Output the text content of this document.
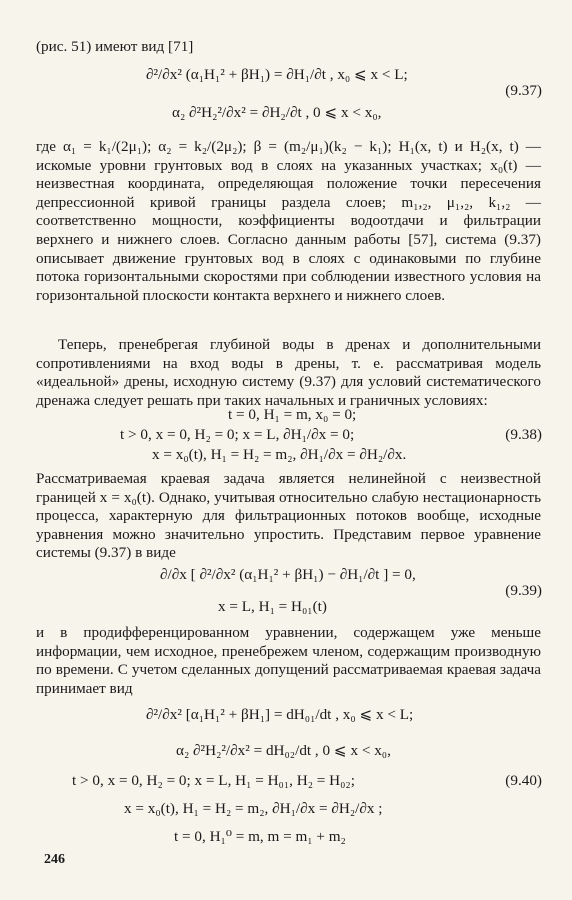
(рис. 51) имеют вид [71]
∂²/∂x² (α₁H₁² + βH₁) = ∂H₁/∂t , x₀ ⩽ x < L;
α₂ ∂²H₂²/∂x² = ∂H₂/∂t , 0 ⩽ x < x₀,
(9.37)
где α₁ = k₁/(2μ₁); α₂ = k₂/(2μ₂); β = (m₂/μ₁)(k₂ − k₁); H₁(x, t) и H₂(x, t) — искомые уровни грунтовых вод в слоях на указанных участках; x₀(t) — неизвестная координата, определяющая положение точки пересечения депрессионной кривой границы раздела слоев; m₁,₂, μ₁,₂, k₁,₂ — соответственно мощности, коэффициенты водоотдачи и фильтрации верхнего и нижнего слоев. Согласно данным работы [57], система (9.37) описывает движение грунтовых вод в слоях с одинаковыми по глубине потока горизонтальными скоростями при соблюдении известного условия на горизонтальной плоскости контакта верхнего и нижнего слоев.
Теперь, пренебрегая глубиной воды в дренах и дополнительными сопротивлениями на вход воды в дрены, т. е. рассматривая модель «идеальной» дрены, исходную систему (9.37) для условий систематического дренажа следует решать при таких начальных и граничных условиях:
t = 0, H₁ = m, x₀ = 0;
t > 0, x = 0, H₂ = 0; x = L, ∂H₁/∂x = 0;
x = x₀(t), H₁ = H₂ = m₂, ∂H₁/∂x = ∂H₂/∂x.
(9.38)
Рассматриваемая краевая задача является нелинейной с неизвестной границей x = x₀(t). Однако, учитывая относительно слабую нестационарность процесса, характерную для фильтрационных потоков вообще, исходные уравнения можно значительно упростить. Представим первое уравнение системы (9.37) в виде
∂/∂x [ ∂²/∂x² (α₁H₁² + βH₁) − ∂H₁/∂t ] = 0,
x = L, H₁ = H₀₁(t)
(9.39)
и в продифференцированном уравнении, содержащем уже меньше информации, чем исходное, пренебрежем членом, содержащим производную по времени. С учетом сделанных допущений рассматриваемая краевая задача принимает вид
∂²/∂x² [α₁H₁² + βH₁] = dH₀₁/dt , x₀ ⩽ x < L;
α₂ ∂²H₂²/∂x² = dH₀₂/dt , 0 ⩽ x < x₀,
t > 0, x = 0, H₂ = 0; x = L, H₁ = H₀₁, H₂ = H₀₂;
x = x₀(t), H₁ = H₂ = m₂, ∂H₁/∂x = ∂H₂/∂x ;
t = 0, H₁⁰ = m, m = m₁ + m₂
(9.40)
246
